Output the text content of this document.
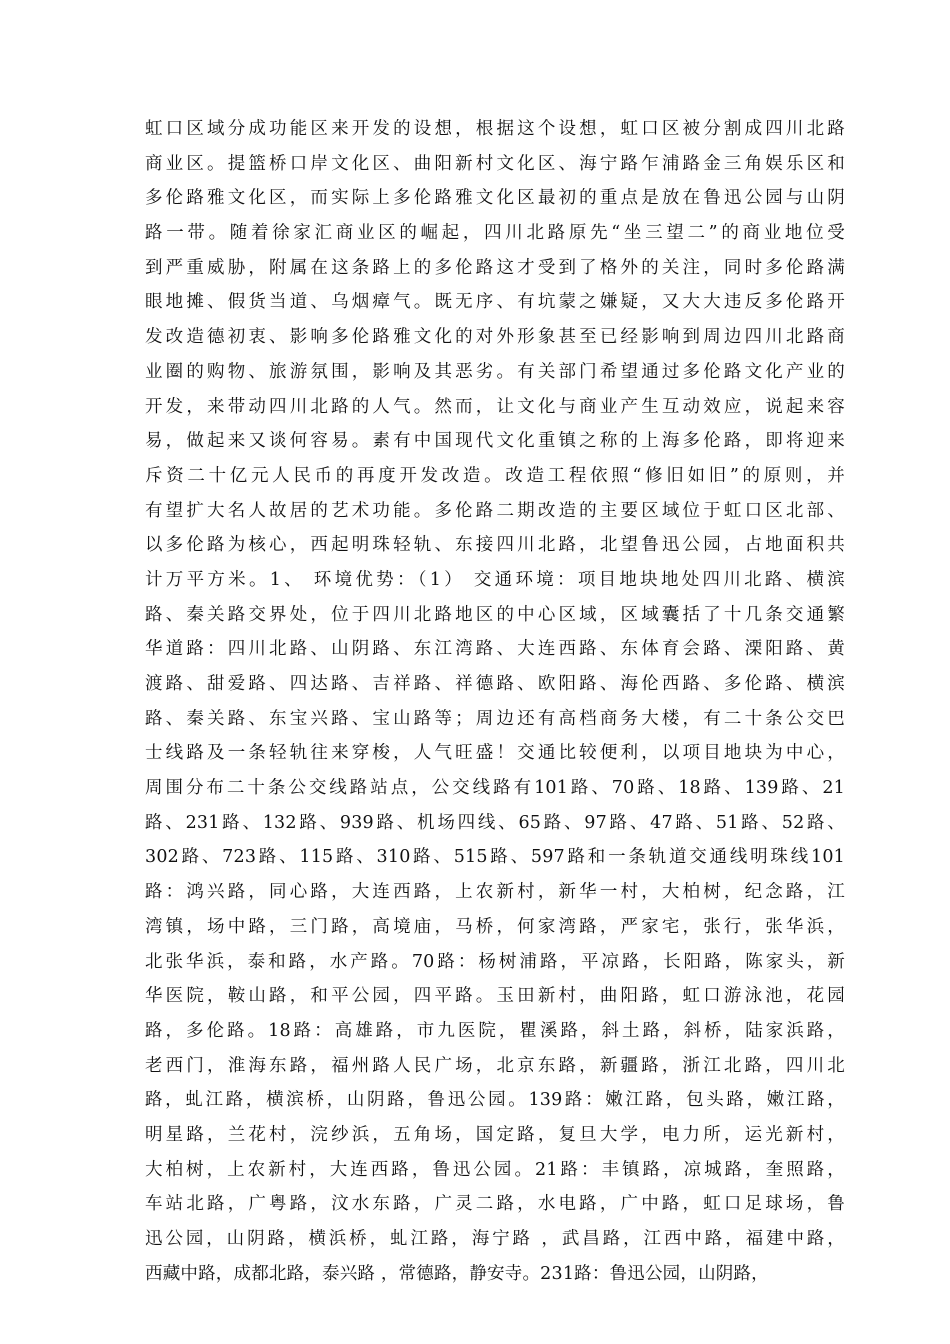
虹口区域分成功能区来开发的设想，根据这个设想，虹口区被分割成四川北路
商业区。提篮桥口岸文化区、曲阳新村文化区、海宁路乍浦路金三角娱乐区和
多伦路雅文化区，而实际上多伦路雅文化区最初的重点是放在鲁迅公园与山阴
路一带。随着徐家汇商业区的崛起，四川北路原先“坐三望二”的商业地位受
到严重威胁，附属在这条路上的多伦路这才受到了格外的关注，同时多伦路满
眼地摊、假货当道、乌烟瘴气。既无序、有坑蒙之嫌疑，又大大违反多伦路开
发改造德初衷、影响多伦路雅文化的对外形象甚至已经影响到周边四川北路商
业圈的购物、旅游氛围，影响及其恶劣。有关部门希望通过多伦路文化产业的
开发，来带动四川北路的人气。然而，让文化与商业产生互动效应，说起来容
易，做起来又谈何容易。素有中国现代文化重镇之称的上海多伦路，即将迎来
斥资二十亿元人民币的再度开发改造。改造工程依照“修旧如旧”的原则，并
有望扩大名人故居的艺术功能。多伦路二期改造的主要区域位于虹口区北部、
以多伦路为核心，西起明珠轻轨、东接四川北路，北望鲁迅公园，占地面积共
计万平方米。1、 环境优势：（1） 交通环境：项目地块地处四川北路、横滨
路、秦关路交界处，位于四川北路地区的中心区域，区域囊括了十几条交通繁
华道路：四川北路、山阴路、东江湾路、大连西路、东体育会路、溧阳路、黄
渡路、甜爱路、四达路、吉祥路、祥德路、欧阳路、海伦西路、多伦路、横滨
路、秦关路、东宝兴路、宝山路等；周边还有高档商务大楼，有二十条公交巴
士线路及一条轻轨往来穿梭，人气旺盛！交通比较便利，以项目地块为中心，
周围分布二十条公交线路站点，公交线路有101路、70路、18路、139路、21
路、231路、132路、939路、机场四线、65路、97路、47路、51路、52路、
302路、723路、115路、310路、515路、597路和一条轨道交通线明珠线101
路：鸿兴路，同心路，大连西路，上农新村，新华一村，大柏树，纪念路，江
湾镇，场中路，三门路，高境庙，马桥，何家湾路，严家宅，张行，张华浜，
北张华浜，泰和路，水产路。70路：杨树浦路，平凉路，长阳路，陈家头，新
华医院，鞍山路，和平公园，四平路。玉田新村，曲阳路，虹口游泳池，花园
路，多伦路。18路：高雄路，市九医院，瞿溪路，斜土路，斜桥，陆家浜路，
老西门，淮海东路，福州路人民广场，北京东路，新疆路，浙江北路，四川北
路，虬江路，横滨桥，山阴路，鲁迅公园。139路：嫩江路，包头路，嫩江路，
明星路，兰花村，浣纱浜，五角场，国定路，复旦大学，电力所，运光新村，
大柏树，上农新村，大连西路，鲁迅公园。21路：丰镇路，凉城路，奎照路，
车站北路，广粤路，汶水东路，广灵二路，水电路，广中路，虹口足球场，鲁
迅公园，山阴路，横浜桥，虬江路，海宁路 ，武昌路，江西中路，福建中路，
西藏中路，成都北路，泰兴路 ，常德路，静安寺。231路：鲁迅公园，山阴路，
